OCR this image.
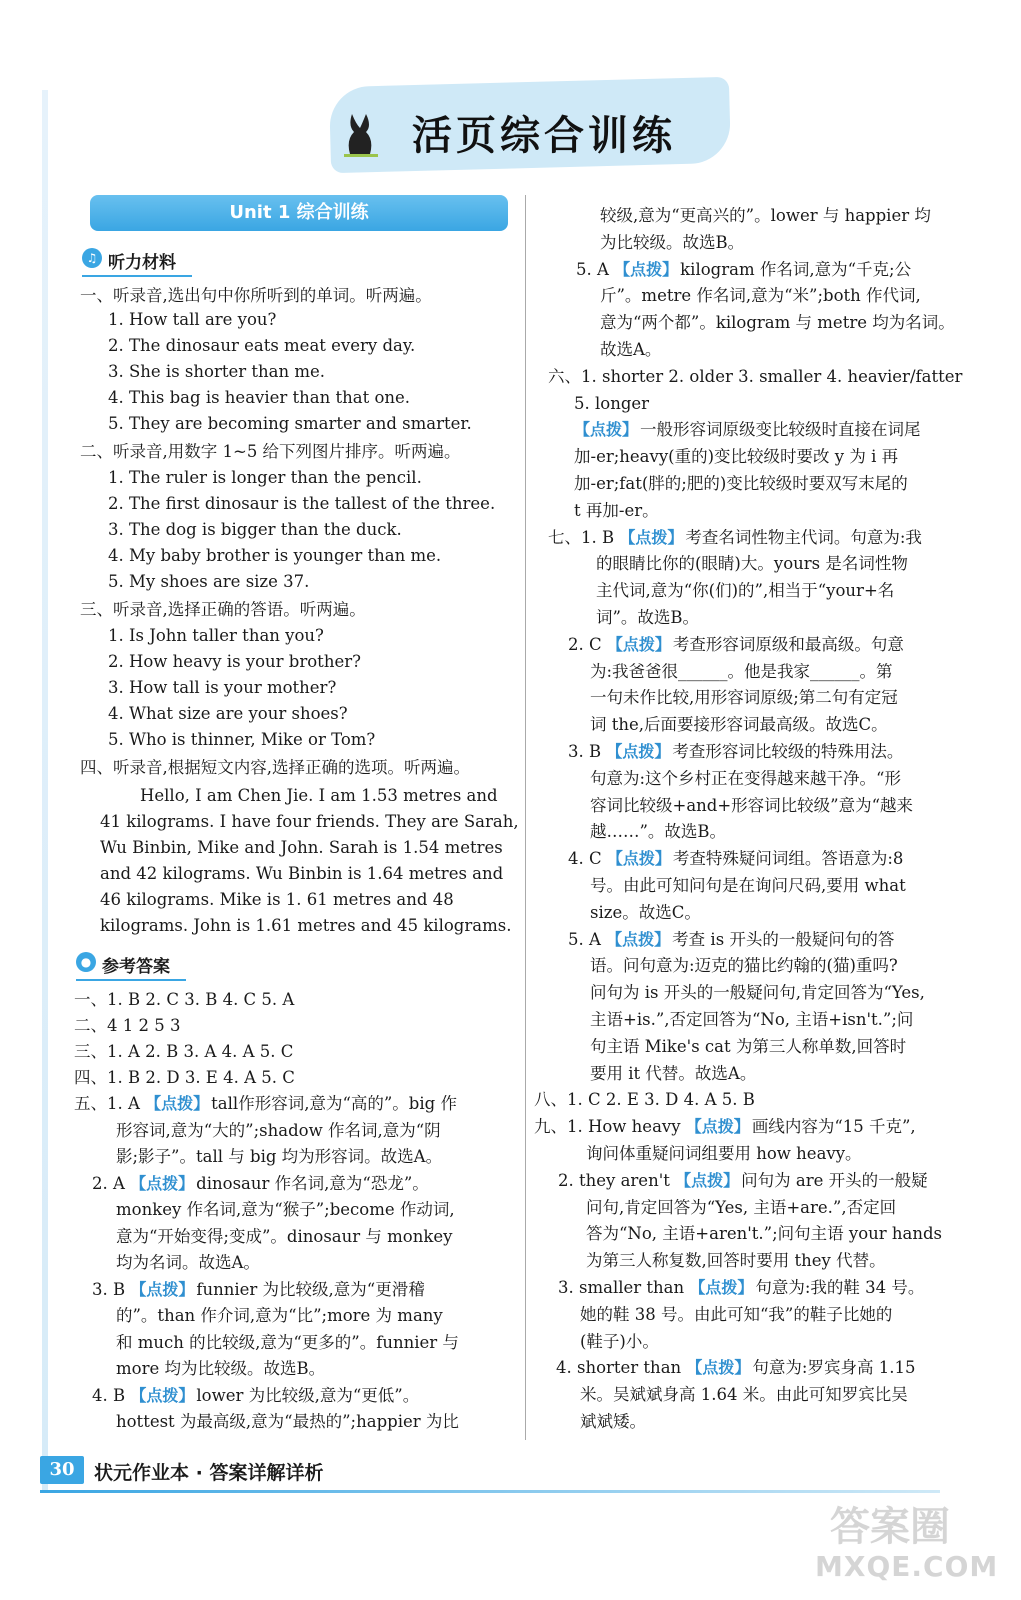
活页综合训练
Unit 1 综合训练
♫ 听力材料
一、听录音,选出句中你所听到的单词。听两遍。
1. How tall are you?
2. The dinosaur eats meat every day.
3. She is shorter than me.
4. This bag is heavier than that one.
5. They are becoming smarter and smarter.
二、听录音,用数字 1~5 给下列图片排序。听两遍。
1. The ruler is longer than the pencil.
2. The first dinosaur is the tallest of the three.
3. The dog is bigger than the duck.
4. My baby brother is younger than me.
5. My shoes are size 37.
三、听录音,选择正确的答语。听两遍。
1. Is John taller than you?
2. How heavy is your brother?
3. How tall is your mother?
4. What size are your shoes?
5. Who is thinner, Mike or Tom?
四、听录音,根据短文内容,选择正确的选项。听两遍。
Hello, I am Chen Jie. I am 1.53 metres and
41 kilograms. I have four friends. They are Sarah,
Wu Binbin, Mike and John. Sarah is 1.54 metres
and 42 kilograms. Wu Binbin is 1.64 metres and
46 kilograms. Mike is 1. 61 metres and 48
kilograms. John is 1.61 metres and 45 kilograms.
● 参考答案
一、1. B 2. C 3. B 4. C 5. A
二、4 1 2 5 3
三、1. A 2. B 3. A 4. A 5. C
四、1. B 2. D 3. E 4. A 5. C
五、1. A 【点拨】 tall作形容词,意为“高的”。big 作
形容词,意为“大的”;shadow 作名词,意为“阴
影;影子”。tall 与 big 均为形容词。故选A。
2. A 【点拨】 dinosaur 作名词,意为“恐龙”。
monkey 作名词,意为“猴子”;become 作动词,
意为“开始变得;变成”。dinosaur 与 monkey
均为名词。故选A。
3. B 【点拨】 funnier 为比较级,意为“更滑稽
的”。than 作介词,意为“比”;more 为 many
和 much 的比较级,意为“更多的”。funnier 与
more 均为比较级。故选B。
4. B 【点拨】 lower 为比较级,意为“更低”。
hottest 为最高级,意为“最热的”;happier 为比
较级,意为“更高兴的”。lower 与 happier 均
为比较级。故选B。
5. A 【点拨】 kilogram 作名词,意为“千克;公
斤”。metre 作名词,意为“米”;both 作代词,
意为“两个都”。kilogram 与 metre 均为名词。
故选A。
六、1. shorter 2. older 3. smaller 4. heavier/fatter
5. longer
【点拨】 一般形容词原级变比较级时直接在词尾
加-er;heavy(重的)变比较级时要改 y 为 i 再
加-er;fat(胖的;肥的)变比较级时要双写末尾的
t 再加-er。
七、1. B 【点拨】 考查名词性物主代词。句意为:我
的眼睛比你的(眼睛)大。yours 是名词性物
主代词,意为“你(们)的”,相当于“your+名
词”。故选B。
2. C 【点拨】 考查形容词原级和最高级。句意
为:我爸爸很______。他是我家______。第
一句未作比较,用形容词原级;第二句有定冠
词 the,后面要接形容词最高级。故选C。
3. B 【点拨】 考查形容词比较级的特殊用法。
句意为:这个乡村正在变得越来越干净。“形
容词比较级+and+形容词比较级”意为“越来
越……”。故选B。
4. C 【点拨】 考查特殊疑问词组。答语意为:8
号。由此可知问句是在询问尺码,要用 what
size。故选C。
5. A 【点拨】 考查 is 开头的一般疑问句的答
语。问句意为:迈克的猫比约翰的(猫)重吗?
问句为 is 开头的一般疑问句,肯定回答为“Yes,
主语+is.”,否定回答为“No, 主语+isn't.”;问
句主语 Mike's cat 为第三人称单数,回答时
要用 it 代替。故选A。
八、1. C 2. E 3. D 4. A 5. B
九、1. How heavy 【点拨】 画线内容为“15 千克”,
询问体重疑问词组要用 how heavy。
2. they aren't 【点拨】 问句为 are 开头的一般疑
问句,肯定回答为“Yes, 主语+are.”,否定回
答为“No, 主语+aren't.”;问句主语 your hands
为第三人称复数,回答时要用 they 代替。
3. smaller than 【点拨】 句意为:我的鞋 34 号。
她的鞋 38 号。由此可知“我”的鞋子比她的
(鞋子)小。
4. shorter than 【点拨】 句意为:罗宾身高 1.15
米。吴斌斌身高 1.64 米。由此可知罗宾比吴
斌斌矮。
30	状元作业本 · 答案详解详析
答案圈
MXQE.COM
